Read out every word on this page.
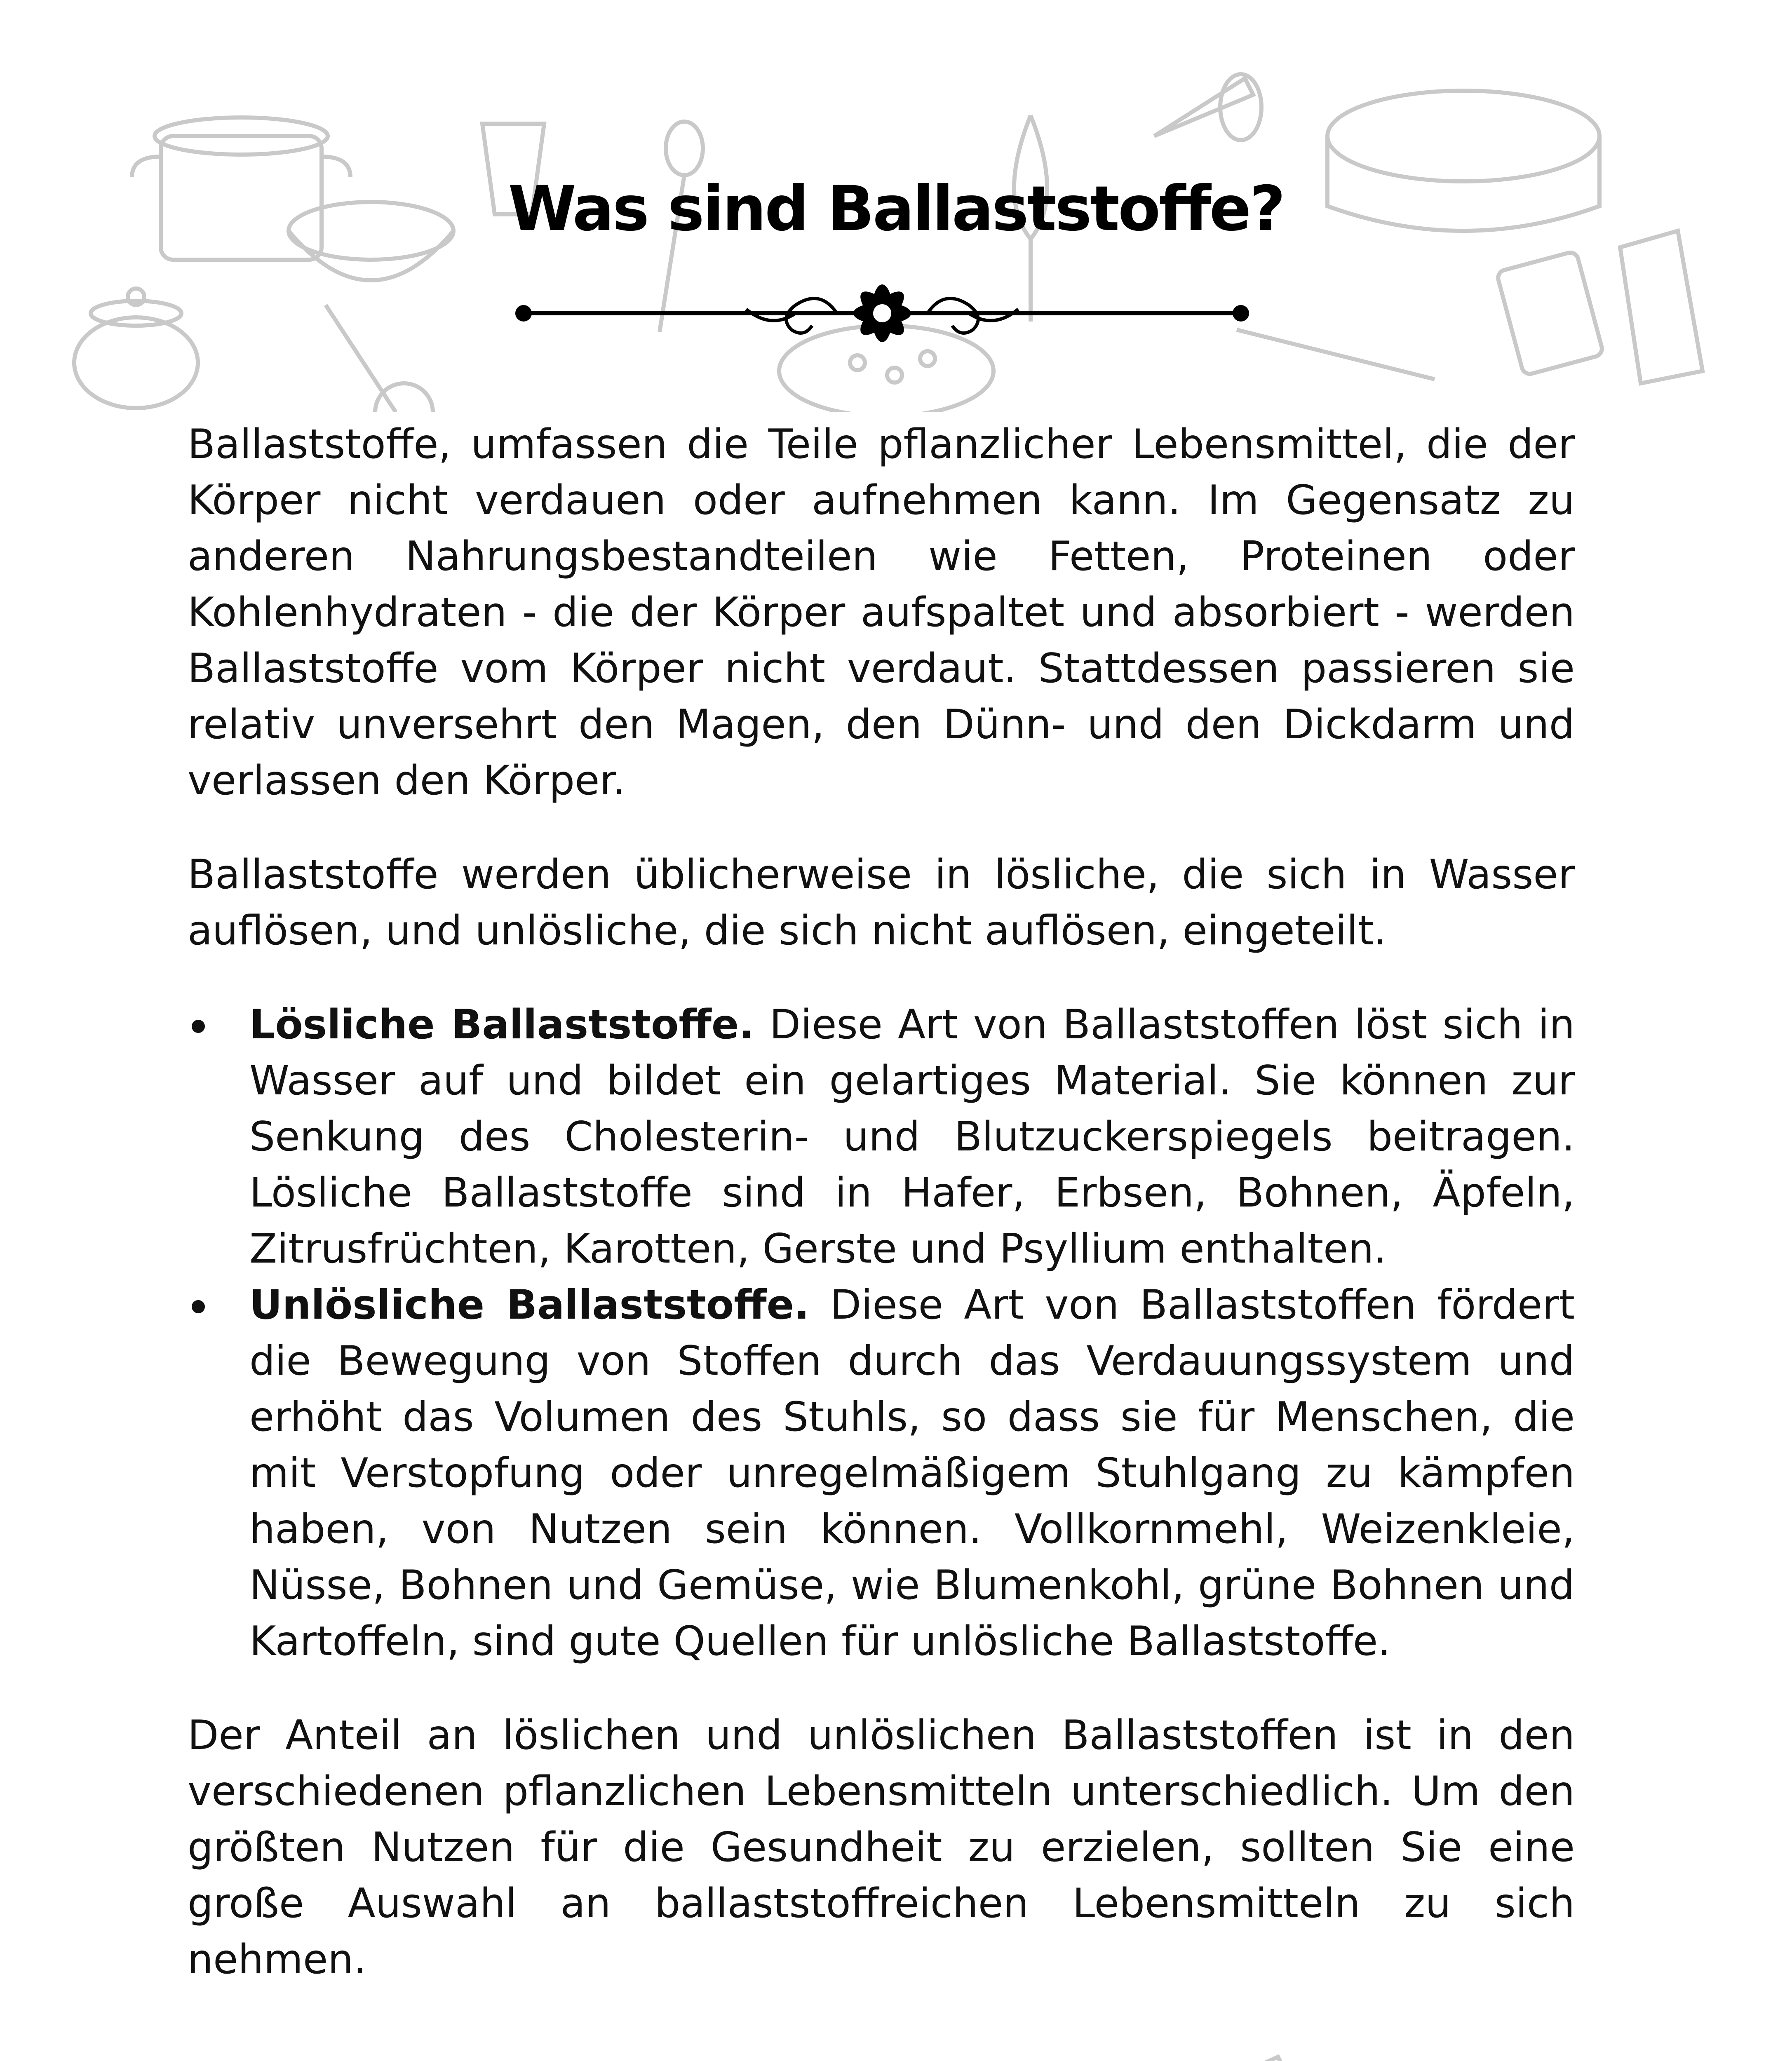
Was sind Ballaststoffe?

Ballaststoffe, umfassen die Teile pflanzlicher Lebensmittel, die der Körper nicht verdauen oder aufnehmen kann. Im Gegensatz zu anderen Nahrungsbestandteilen wie Fetten, Proteinen oder Kohlenhydraten - die der Körper aufspaltet und absorbiert - werden Ballaststoffe vom Körper nicht verdaut. Stattdessen passieren sie relativ unversehrt den Magen, den Dünn- und den Dickdarm und verlassen den Körper.

Ballaststoffe werden üblicherweise in lösliche, die sich in Wasser auflösen, und unlösliche, die sich nicht auflösen, eingeteilt.

Lösliche Ballaststoffe. Diese Art von Ballaststoffen löst sich in Wasser auf und bildet ein gelartiges Material. Sie können zur Senkung des Cholesterin- und Blutzuckerspiegels beitragen. Lösliche Ballaststoffe sind in Hafer, Erbsen, Bohnen, Äpfeln, Zitrusfrüchten, Karotten, Gerste und Psyllium enthalten.
Unlösliche Ballaststoffe. Diese Art von Ballaststoffen fördert die Bewegung von Stoffen durch das Verdauungssystem und erhöht das Volumen des Stuhls, so dass sie für Menschen, die mit Verstopfung oder unregelmäßigem Stuhlgang zu kämpfen haben, von Nutzen sein können. Vollkornmehl, Weizenkleie, Nüsse, Bohnen und Gemüse, wie Blumenkohl, grüne Bohnen und Kartoffeln, sind gute Quellen für unlösliche Ballaststoffe.

Der Anteil an löslichen und unlöslichen Ballaststoffen ist in den verschiedenen pflanzlichen Lebensmitteln unterschiedlich. Um den größten Nutzen für die Gesundheit zu erzielen, sollten Sie eine große Auswahl an ballaststoffreichen Lebensmitteln zu sich nehmen.
